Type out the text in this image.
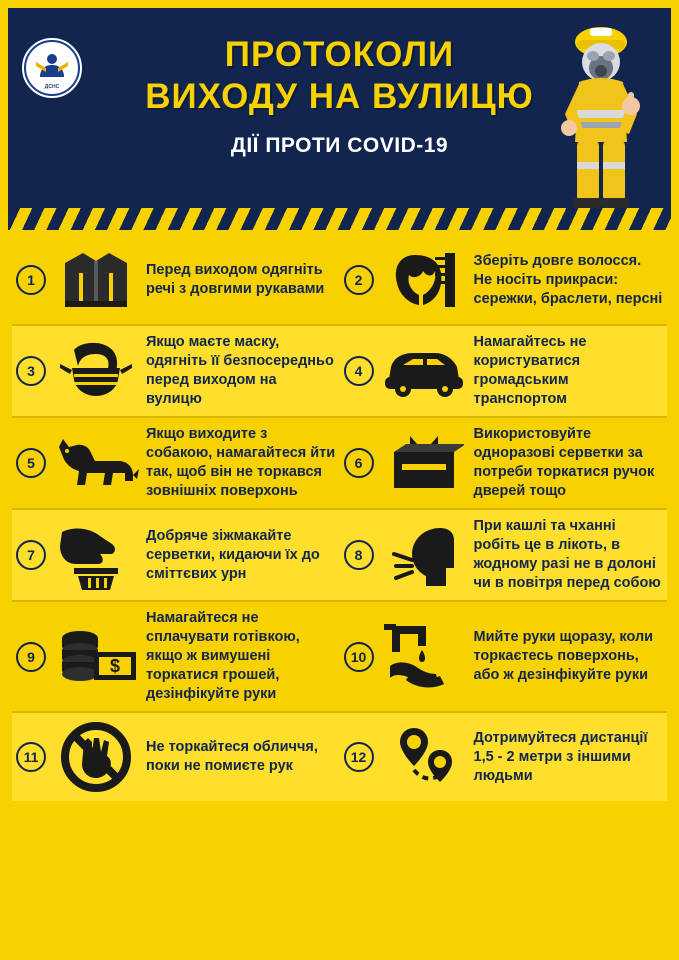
ДСНС
ПРОТОКОЛИ
ВИХОДУ НА ВУЛИЦЮ
ДІЇ ПРОТИ COVID-19
1
Перед виходом одягніть речі з довгими рукавами
2
Зберіть довге волосся. Не носіть прикраси: сережки, браслети, персні
3
Якщо маєте маску, одягніть її безпосередньо перед виходом на вулицю
4
Намагайтесь не користуватися громадським транспортом
5
Якщо виходите з собакою, намагайтеся йти так, щоб він не торкався зовнішніх поверхонь
6
Використовуйте одноразові серветки за потреби торкатися ручок дверей тощо
7
Добряче зіжмакайте серветки, кидаючи їх до сміттєвих урн
8
При кашлі та чханні робіть це в лікоть, в жодному разі не в долоні чи в повітря перед собою
9	$
Намагайтеся не сплачувати готівкою, якщо ж вимушені торкатися грошей, дезінфікуйте руки
10
Мийте руки щоразу, коли торкаєтесь поверхонь, або ж дезінфікуйте руки
11
Не торкайтеся обличчя, поки не помиєте рук
12
Дотримуйтеся дистанції 1,5 - 2 метри з іншими людьми
